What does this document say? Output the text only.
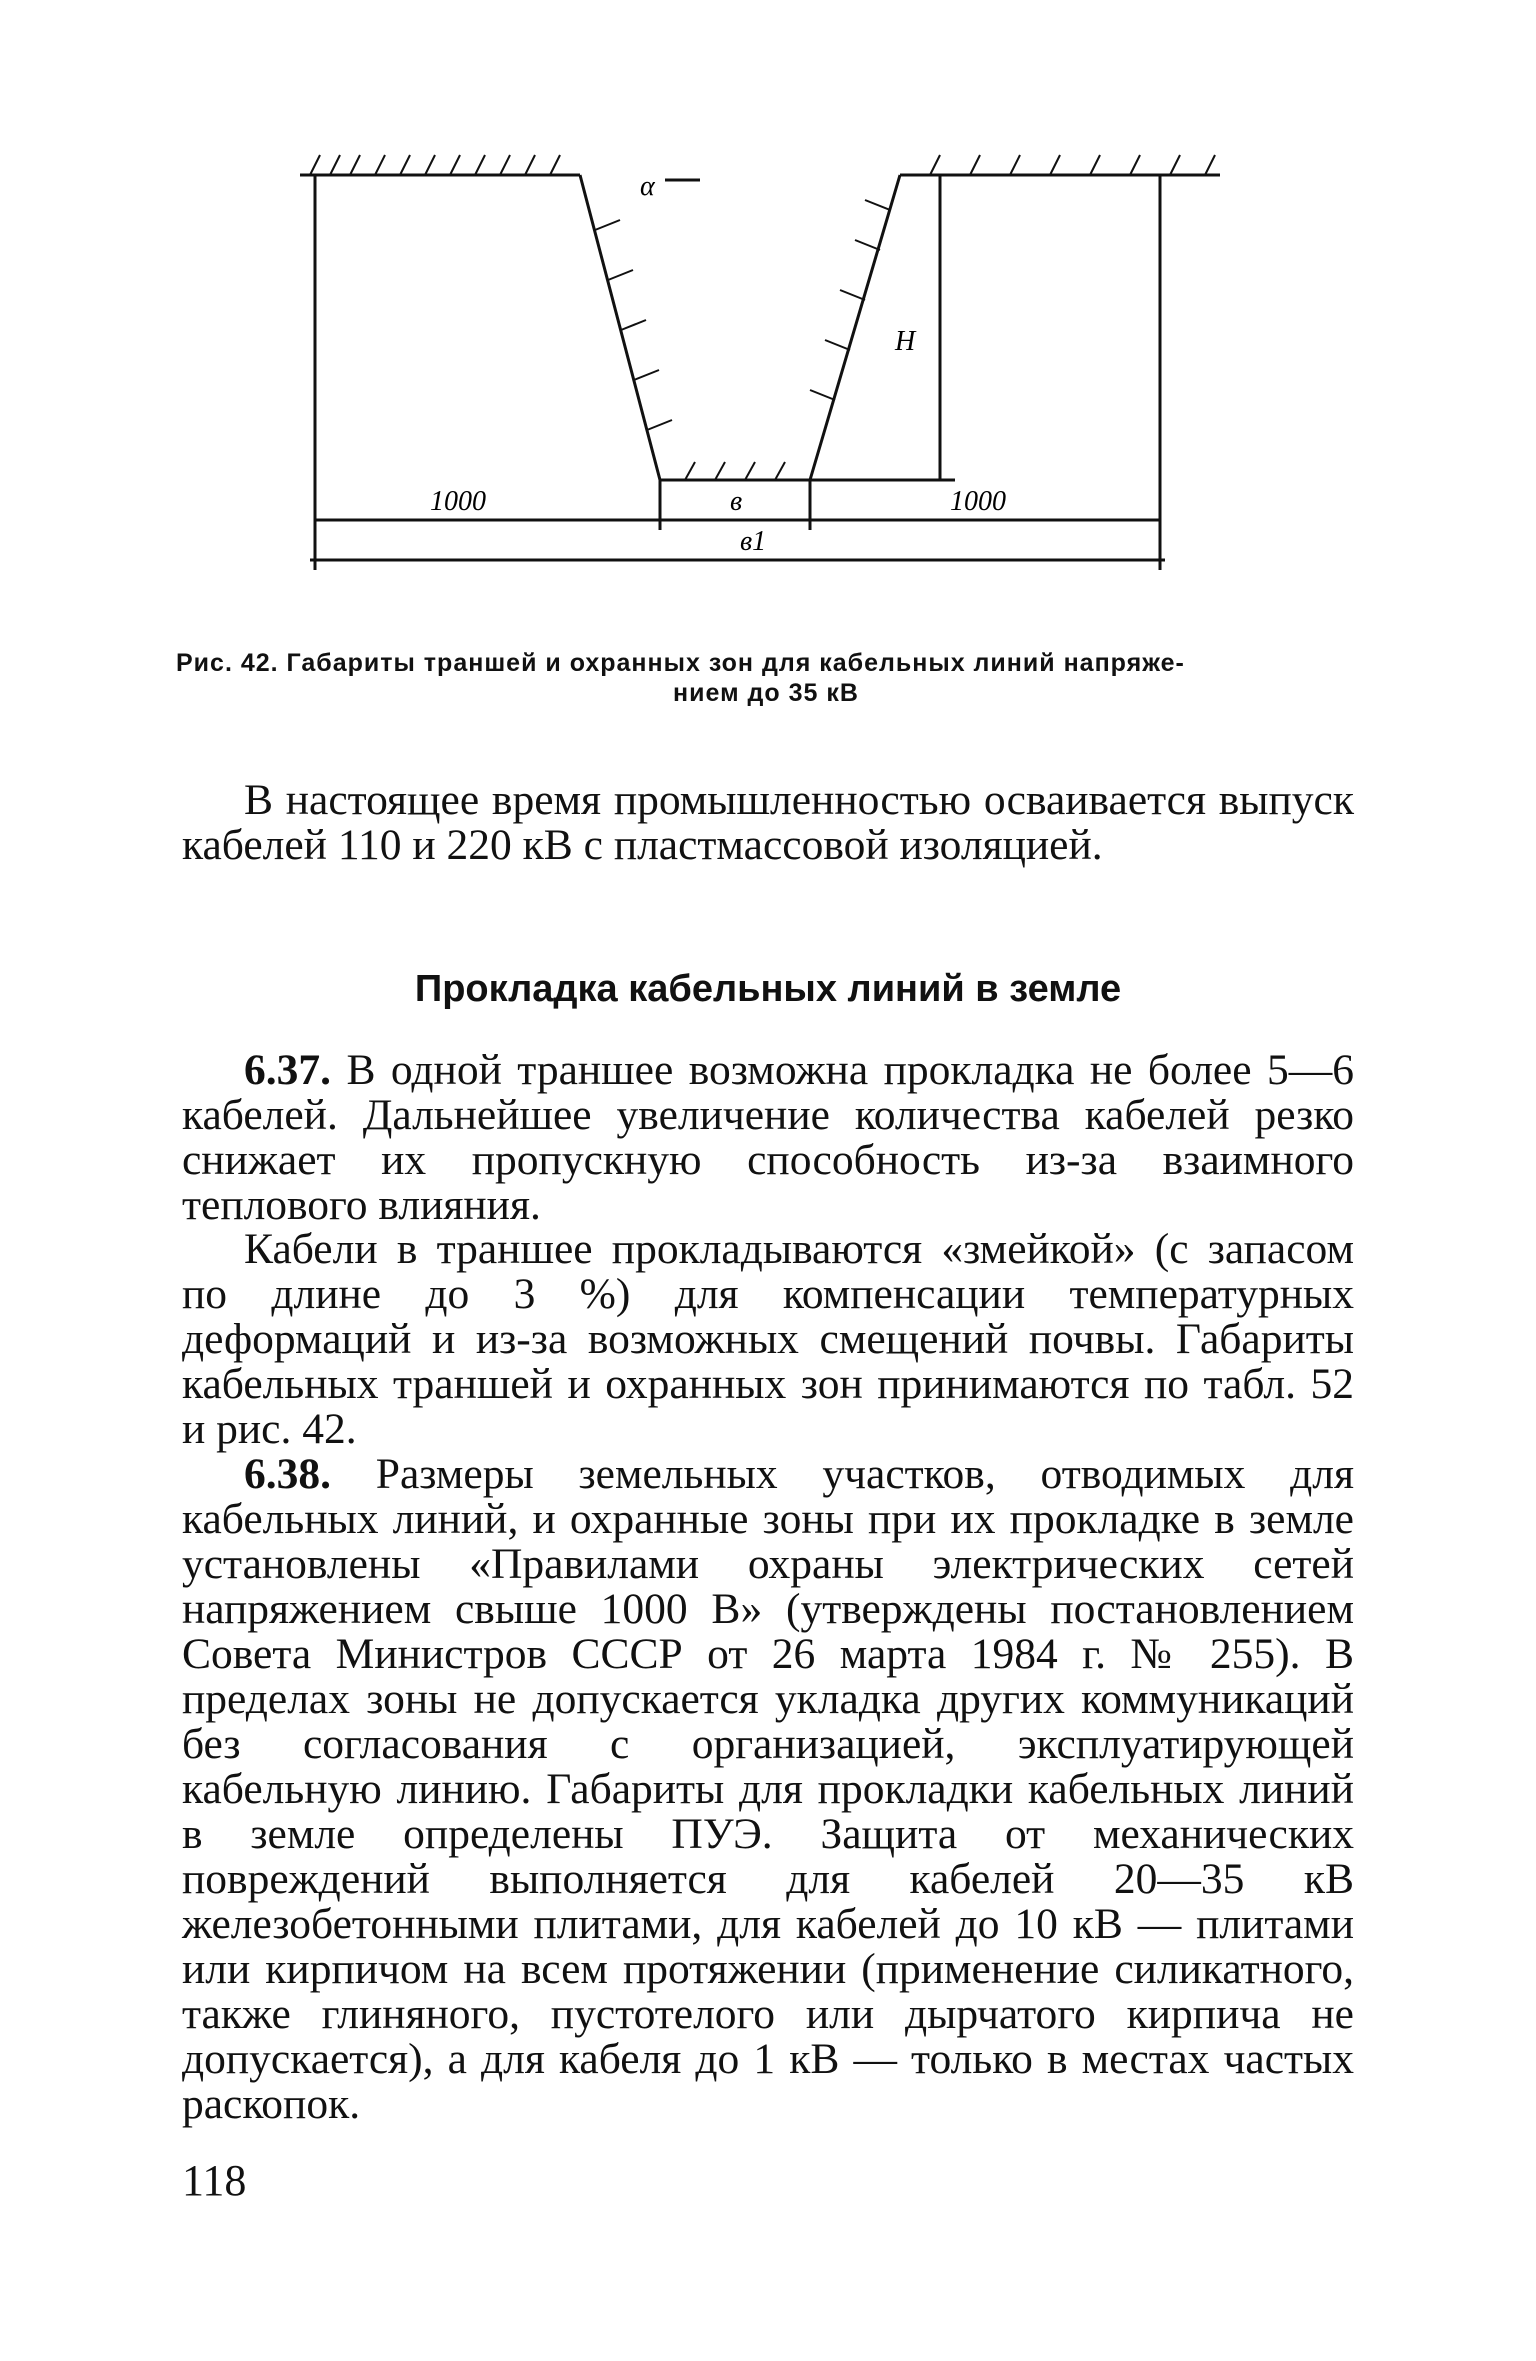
α
H
1000	в	1000
в1
Рис. 42. Габариты траншей и охранных зон для кабельных линий напряже-
нием до 35 кВ

В настоящее время промышленностью осваивается выпуск кабелей 110 и 220 кВ с пластмассовой изоляцией.

Прокладка кабельных линий в земле

6.37. В одной траншее возможна прокладка не более 5—6 кабелей. Дальнейшее увеличение количества кабелей резко снижает их пропускную способность из-за взаимного теплового влияния.

Кабели в траншее прокладываются «змейкой» (с запасом по длине до 3 %) для компенсации температурных деформаций и из-за возможных смещений почвы. Габариты кабельных траншей и охранных зон принимаются по табл. 52 и рис. 42.

6.38. Размеры земельных участков, отводимых для кабельных линий, и охранные зоны при их прокладке в земле установлены «Правилами охраны электрических сетей напряжением свыше 1000 В» (утверждены постановлением Совета Министров СССР от 26 марта 1984 г. № 255). В пределах зоны не допускается укладка других коммуникаций без согласования с организацией, эксплуатирующей кабельную линию. Габариты для прокладки кабельных линий в земле определены ПУЭ. Защита от механических повреждений выполняется для кабелей 20—35 кВ железобетонными плитами, для кабелей до 10 кВ — плитами или кирпичом на всем протяжении (применение силикатного, также глиняного, пустотелого или дырчатого кирпича не допускается), а для кабеля до 1 кВ — только в местах частых раскопок.

118
